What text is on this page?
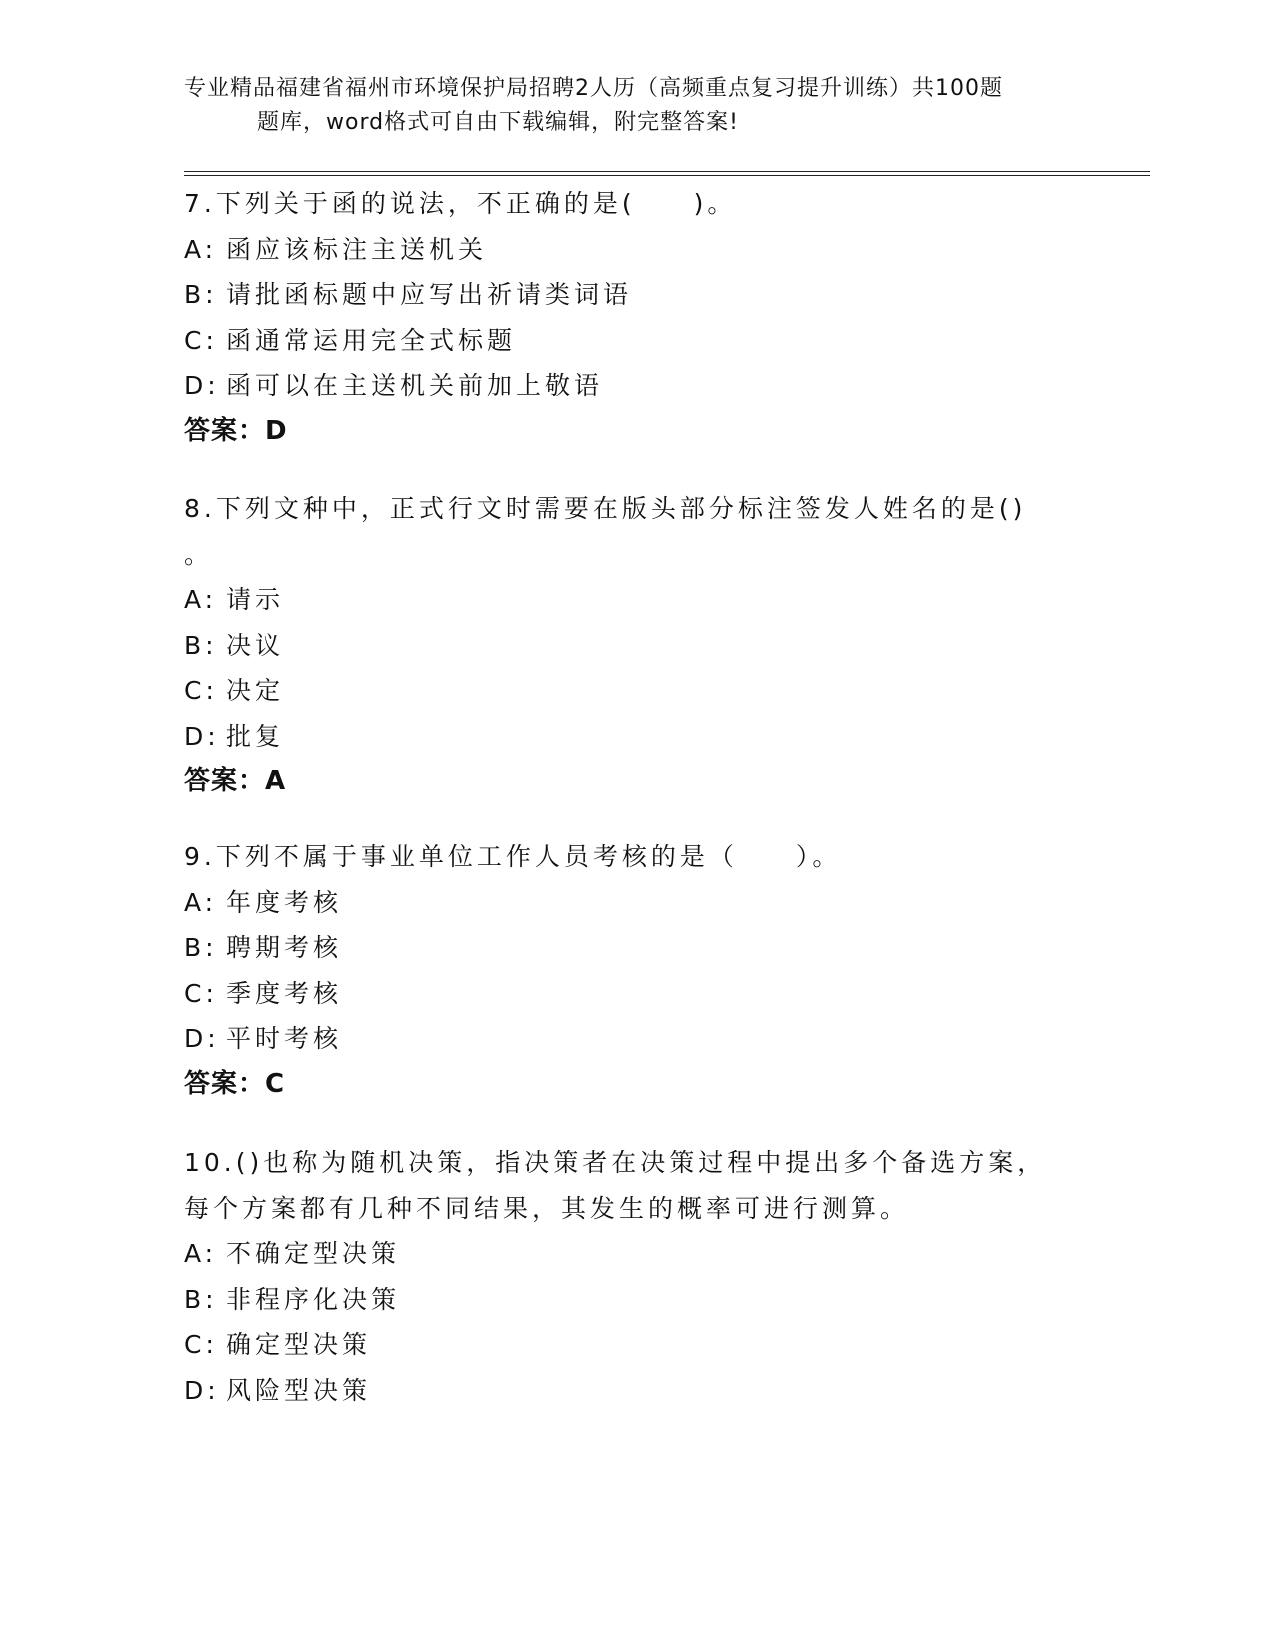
专业精品福建省福州市环境保护局招聘2人历（高频重点复习提升训练）共100题
题库，word格式可自由下载编辑，附完整答案!
7.下列关于函的说法，不正确的是(　　)。
A: 函应该标注主送机关
B: 请批函标题中应写出祈请类词语
C: 函通常运用完全式标题
D: 函可以在主送机关前加上敬语
答案：D
8.下列文种中，正式行文时需要在版头部分标注签发人姓名的是()
。
A: 请示
B: 决议
C: 决定
D: 批复
答案：A
9.下列不属于事业单位工作人员考核的是（　　）。
A: 年度考核
B: 聘期考核
C: 季度考核
D: 平时考核
答案：C
10.()也称为随机决策，指决策者在决策过程中提出多个备选方案，
每个方案都有几种不同结果，其发生的概率可进行测算。
A: 不确定型决策
B: 非程序化决策
C: 确定型决策
D: 风险型决策
